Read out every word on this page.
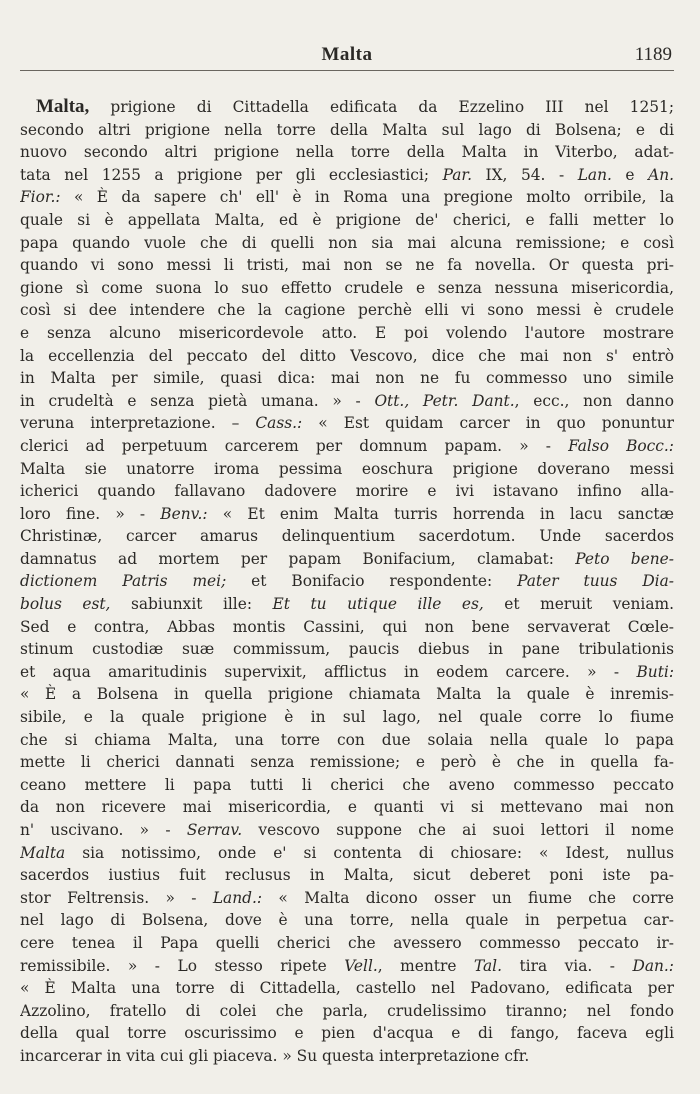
Malta	1189
Malta, prigione di Cittadella edificata da Ezzelino III nel 1251;
secondo altri prigione nella torre della Malta sul lago di Bolsena; e di
nuovo secondo altri prigione nella torre della Malta in Viterbo, adat-
tata nel 1255 a prigione per gli ecclesiastici; Par. IX, 54. - Lan. e An.
Fior.: « È da sapere ch' ell' è in Roma una pregione molto orribile, la
quale si è appellata Malta, ed è prigione de' cherici, e falli metter lo
papa quando vuole che di quelli non sia mai alcuna remissione; e così
quando vi sono messi li tristi, mai non se ne fa novella. Or questa pri-
gione sì come suona lo suo effetto crudele e senza nessuna misericordia,
così si dee intendere che la cagione perchè elli vi sono messi è crudele
e senza alcuno misericordevole atto. E poi volendo l'autore mostrare
la eccellenzia del peccato del ditto Vescovo, dice che mai non s' entrò
in Malta per simile, quasi dica: mai non ne fu commesso uno simile
in crudeltà e senza pietà umana. » - Ott., Petr. Dant., ecc., non danno
veruna interpretazione. – Cass.: « Est quidam carcer in quo ponuntur
clerici ad perpetuum carcerem per domnum papam. » - Falso Bocc.:
Malta sie unatorre iroma pessima eoschura prigione doverano messi
icherici quando fallavano dadovere morire e ivi istavano infino alla-
loro fine. » - Benv.: « Et enim Malta turris horrenda in lacu sanctæ
Christinæ, carcer amarus delinquentium sacerdotum. Unde sacerdos
damnatus ad mortem per papam Bonifacium, clamabat: Peto bene-
dictionem Patris mei; et Bonifacio respondente: Pater tuus Dia-
bolus est, sabiunxit ille: Et tu utique ille es, et meruit veniam.
Sed e contra, Abbas montis Cassini, qui non bene servaverat Cœle-
stinum custodiæ suæ commissum, paucis diebus in pane tribulationis
et aqua amaritudinis supervixit, afflictus in eodem carcere. » - Buti:
« È a Bolsena in quella prigione chiamata Malta la quale è inremis-
sibile, e la quale prigione è in sul lago, nel quale corre lo fiume
che si chiama Malta, una torre con due solaia nella quale lo papa
mette li cherici dannati senza remissione; e però è che in quella fa-
ceano mettere li papa tutti li cherici che aveno commesso peccato
da non ricevere mai misericordia, e quanti vi si mettevano mai non
n' uscivano. » - Serrav. vescovo suppone che ai suoi lettori il nome
Malta sia notissimo, onde e' si contenta di chiosare: « Idest, nullus
sacerdos iustius fuit reclusus in Malta, sicut deberet poni iste pa-
stor Feltrensis. » - Land.: « Malta dicono osser un fiume che corre
nel lago di Bolsena, dove è una torre, nella quale in perpetua car-
cere tenea il Papa quelli cherici che avessero commesso peccato ir-
remissibile. » - Lo stesso ripete Vell., mentre Tal. tira via. - Dan.:
« È Malta una torre di Cittadella, castello nel Padovano, edificata per
Azzolino, fratello di colei che parla, crudelissimo tiranno; nel fondo
della qual torre oscurissimo e pien d'acqua e di fango, faceva egli
incarcerar in vita cui gli piaceva. » Su questa interpretazione cfr.
